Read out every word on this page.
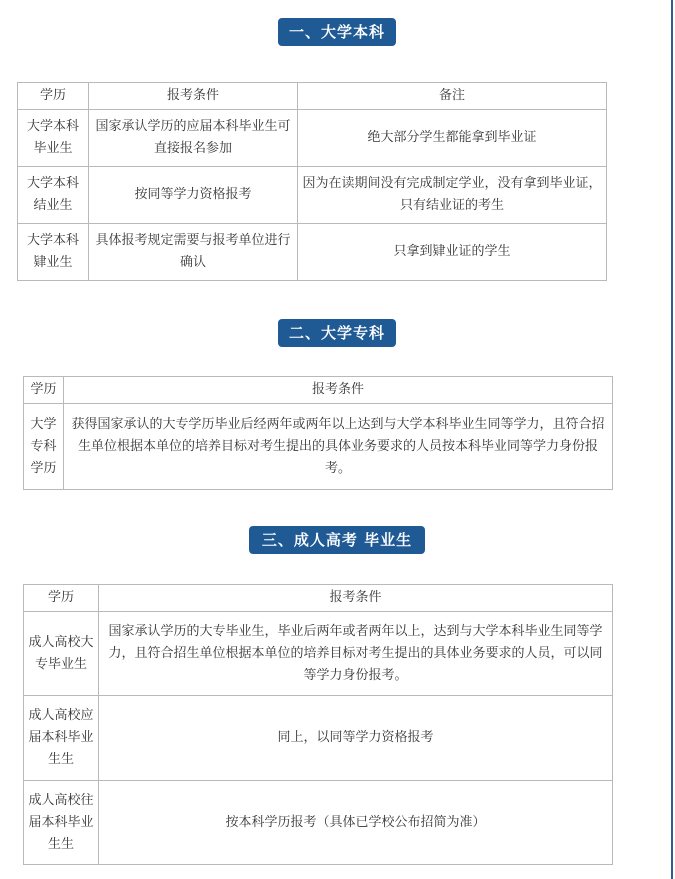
一、大学本科
学历	报考条件	备注
大学本科毕业生	国家承认学历的应届本科毕业生可直接报名参加	绝大部分学生都能拿到毕业证
大学本科结业生	按同等学力资格报考	因为在读期间没有完成制定学业，没有拿到毕业证，只有结业证的考生
大学本科肄业生	具体报考规定需要与报考单位进行确认	只拿到肄业证的学生
二、大学专科
学历	报考条件
大学专科学历	获得国家承认的大专学历毕业后经两年或两年以上达到与大学本科毕业生同等学力，且符合招生单位根据本单位的培养目标对考生提出的具体业务要求的人员按本科毕业同等学力身份报考。
三、成人高考 毕业生
学历	报考条件
成人高校大专毕业生	国家承认学历的大专毕业生，毕业后两年或者两年以上，达到与大学本科毕业生同等学力，且符合招生单位根据本单位的培养目标对考生提出的具体业务要求的人员，可以同等学力身份报考。
成人高校应届本科毕业生生	同上，以同等学力资格报考
成人高校往届本科毕业生生	按本科学历报考（具体已学校公布招简为准）
